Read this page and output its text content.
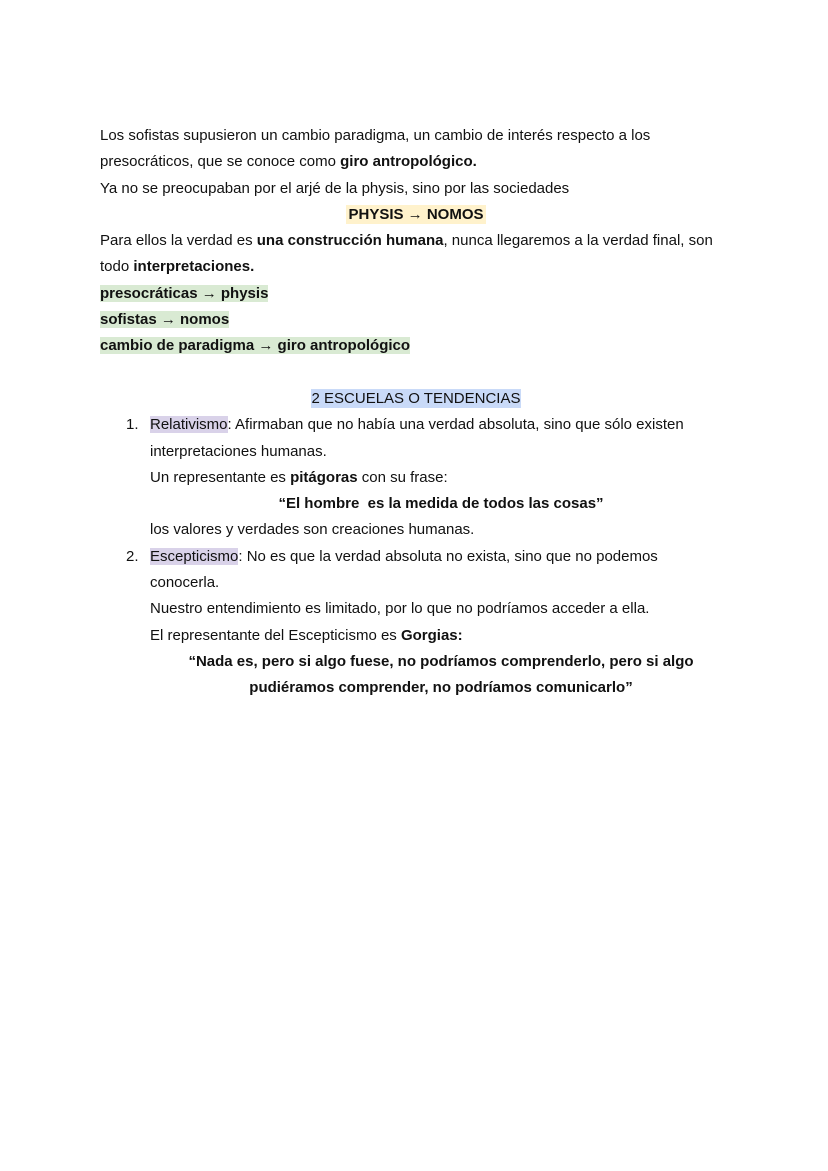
Los sofistas supusieron un cambio paradigma, un cambio de interés respecto a los
presocráticos, que se conoce como giro antropológico.
Ya no se preocupaban por el arjé de la physis, sino por las sociedades
PHYSIS → NOMOS
Para ellos la verdad es una construcción humana, nunca llegaremos a la verdad final, son
todo interpretaciones.
presocráticas → physis
sofistas → nomos
cambio de paradigma → giro antropológico
2 ESCUELAS O TENDENCIAS
1. Relativismo: Afirmaban que no había una verdad absoluta, sino que sólo existen
interpretaciones humanas.
Un representante es pitágoras con su frase:
“El hombre  es la medida de todos las cosas”
los valores y verdades son creaciones humanas.
2. Escepticismo: No es que la verdad absoluta no exista, sino que no podemos
conocerla.
Nuestro entendimiento es limitado, por lo que no podríamos acceder a ella.
El representante del Escepticismo es Gorgias:
“Nada es, pero si algo fuese, no podríamos comprenderlo, pero si algo
pudiéramos comprender, no podríamos comunicarlo”
